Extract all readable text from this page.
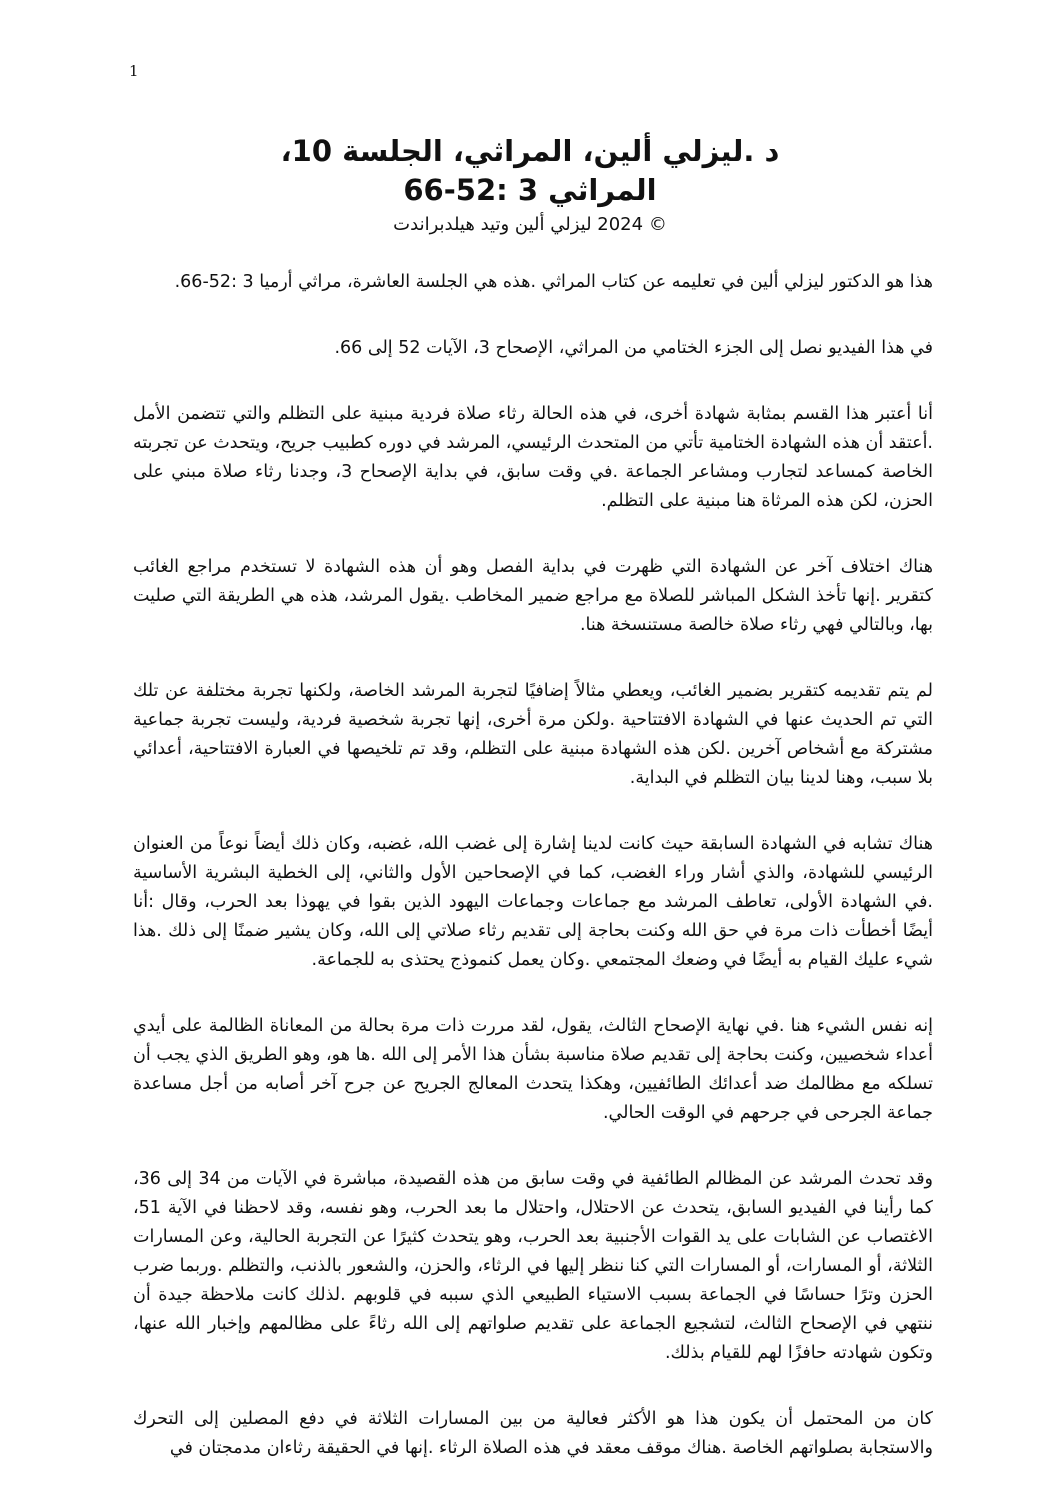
1
د .ليزلي ألين، المراثي، الجلسة 10،
المراثي 3 :52-66
© 2024 ليزلي ألين وتيد هيلدبراندت

هذا هو الدكتور ليزلي ألين في تعليمه عن كتاب المراثي .هذه هي الجلسة العاشرة، مراثي أرميا 3 :52-66.

في هذا الفيديو نصل إلى الجزء الختامي من المراثي، الإصحاح 3، الآيات 52 إلى 66.

أنا أعتبر هذا القسم بمثابة شهادة أخرى، في هذه الحالة رثاء صلاة فردية مبنية على التظلم والتي تتضمن الأمل .أعتقد أن هذه الشهادة الختامية تأتي من المتحدث الرئيسي، المرشد في دوره كطبيب جريح، ويتحدث عن تجربته الخاصة كمساعد لتجارب ومشاعر الجماعة .في وقت سابق، في بداية الإصحاح 3، وجدنا رثاء صلاة مبني على الحزن، لكن هذه المرثاة هنا مبنية على التظلم.

هناك اختلاف آخر عن الشهادة التي ظهرت في بداية الفصل وهو أن هذه الشهادة لا تستخدم مراجع الغائب كتقرير .إنها تأخذ الشكل المباشر للصلاة مع مراجع ضمير المخاطب .يقول المرشد، هذه هي الطريقة التي صليت بها، وبالتالي فهي رثاء صلاة خالصة مستنسخة هنا.

لم يتم تقديمه كتقرير بضمير الغائب، ويعطي مثالاً إضافيًا لتجربة المرشد الخاصة، ولكنها تجربة مختلفة عن تلك التي تم الحديث عنها في الشهادة الافتتاحية .ولكن مرة أخرى، إنها تجربة شخصية فردية، وليست تجربة جماعية مشتركة مع أشخاص آخرين .لكن هذه الشهادة مبنية على التظلم، وقد تم تلخيصها في العبارة الافتتاحية، أعدائي بلا سبب، وهنا لدينا بيان التظلم في البداية.

هناك تشابه في الشهادة السابقة حيث كانت لدينا إشارة إلى غضب الله، غضبه، وكان ذلك أيضاً نوعاً من العنوان الرئيسي للشهادة، والذي أشار وراء الغضب، كما في الإصحاحين الأول والثاني، إلى الخطية البشرية الأساسية .في الشهادة الأولى، تعاطف المرشد مع جماعات وجماعات اليهود الذين بقوا في يهوذا بعد الحرب، وقال :أنا أيضًا أخطأت ذات مرة في حق الله وكنت بحاجة إلى تقديم رثاء صلاتي إلى الله، وكان يشير ضمنًا إلى ذلك .هذا شيء عليك القيام به أيضًا في وضعك المجتمعي .وكان يعمل كنموذج يحتذى به للجماعة.

إنه نفس الشيء هنا .في نهاية الإصحاح الثالث، يقول، لقد مررت ذات مرة بحالة من المعاناة الظالمة على أيدي أعداء شخصيين، وكنت بحاجة إلى تقديم صلاة مناسبة بشأن هذا الأمر إلى الله .ها هو، وهو الطريق الذي يجب أن تسلكه مع مظالمك ضد أعدائك الطائفيين، وهكذا يتحدث المعالج الجريح عن جرح آخر أصابه من أجل مساعدة جماعة الجرحى في جرحهم في الوقت الحالي.

وقد تحدث المرشد عن المظالم الطائفية في وقت سابق من هذه القصيدة، مباشرة في الآيات من 34 إلى 36، كما رأينا في الفيديو السابق، يتحدث عن الاحتلال، واحتلال ما بعد الحرب، وهو نفسه، وقد لاحظنا في الآية 51، الاغتصاب عن الشابات على يد القوات الأجنبية بعد الحرب، وهو يتحدث كثيرًا عن التجربة الحالية، وعن المسارات الثلاثة، أو المسارات، أو المسارات التي كنا ننظر إليها في الرثاء، والحزن، والشعور بالذنب، والتظلم .وربما ضرب الحزن وترًا حساسًا في الجماعة بسبب الاستياء الطبيعي الذي سببه في قلوبهم .لذلك كانت ملاحظة جيدة أن ننتهي في الإصحاح الثالث، لتشجيع الجماعة على تقديم صلواتهم إلى الله رثاءً على مظالمهم وإخبار الله عنها، وتكون شهادته حافزًا لهم للقيام بذلك.

كان من المحتمل أن يكون هذا هو الأكثر فعالية من بين المسارات الثلاثة في دفع المصلين إلى التحرك والاستجابة بصلواتهم الخاصة .هناك موقف معقد في هذه الصلاة الرثاء .إنها في الحقيقة رثاءان مدمجتان في
